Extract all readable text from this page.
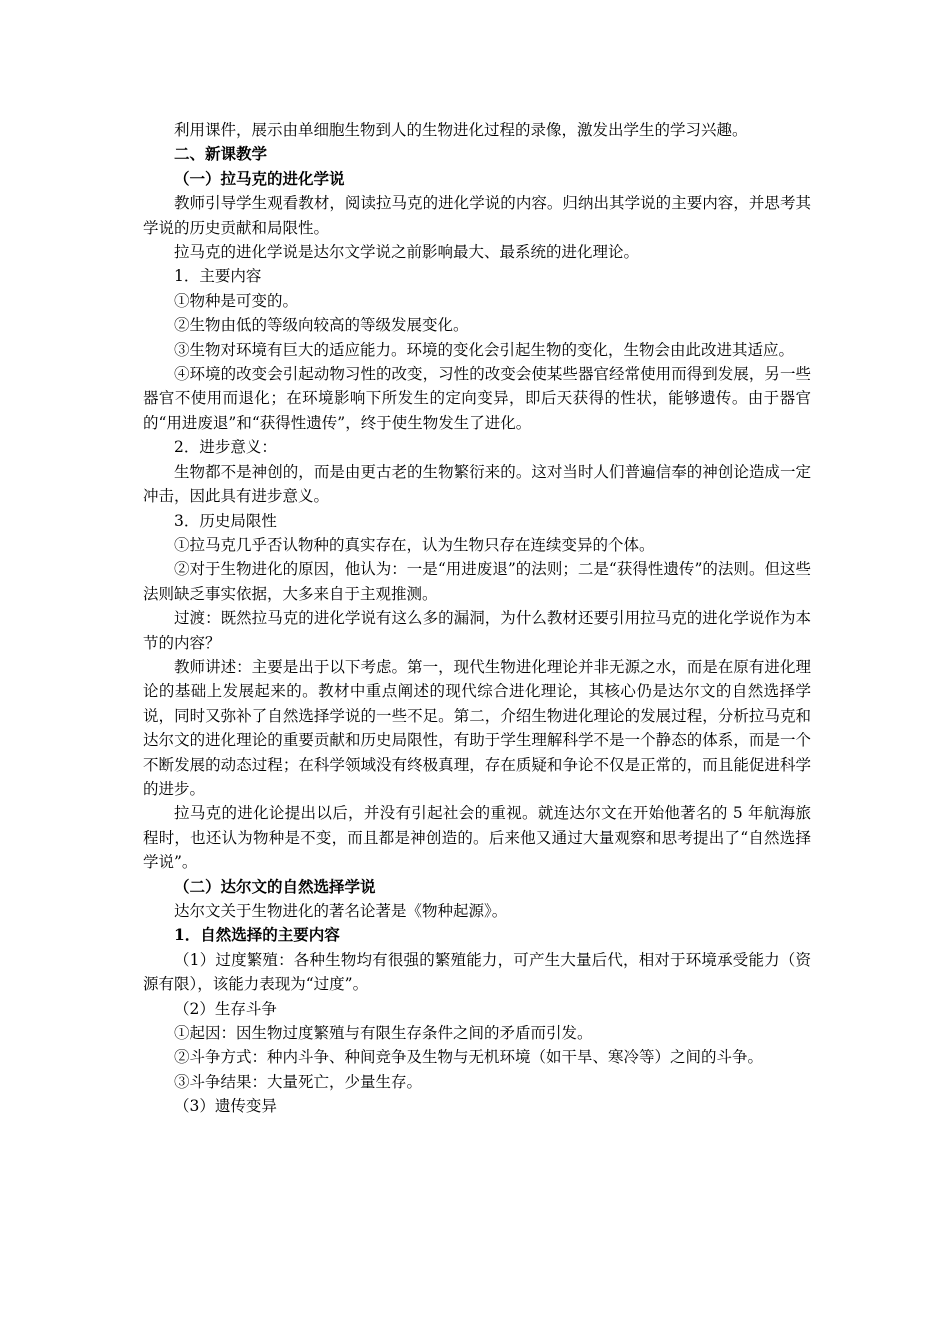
利用课件，展示由单细胞生物到人的生物进化过程的录像，激发出学生的学习兴趣。

二、新课教学

（一）拉马克的进化学说

教师引导学生观看教材，阅读拉马克的进化学说的内容。归纳出其学说的主要内容，并思考其学说的历史贡献和局限性。

拉马克的进化学说是达尔文学说之前影响最大、最系统的进化理论。

1．主要内容

①物种是可变的。

②生物由低的等级向较高的等级发展变化。

③生物对环境有巨大的适应能力。环境的变化会引起生物的变化，生物会由此改进其适应。

④环境的改变会引起动物习性的改变，习性的改变会使某些器官经常使用而得到发展，另一些器官不使用而退化；在环境影响下所发生的定向变异，即后天获得的性状，能够遗传。由于器官的“用进废退”和“获得性遗传”，终于使生物发生了进化。

2．进步意义：

生物都不是神创的，而是由更古老的生物繁衍来的。这对当时人们普遍信奉的神创论造成一定冲击，因此具有进步意义。

3．历史局限性

①拉马克几乎否认物种的真实存在，认为生物只存在连续变异的个体。

②对于生物进化的原因，他认为：一是“用进废退”的法则；二是“获得性遗传”的法则。但这些法则缺乏事实依据，大多来自于主观推测。

过渡：既然拉马克的进化学说有这么多的漏洞，为什么教材还要引用拉马克的进化学说作为本节的内容？

教师讲述：主要是出于以下考虑。第一，现代生物进化理论并非无源之水，而是在原有进化理论的基础上发展起来的。教材中重点阐述的现代综合进化理论，其核心仍是达尔文的自然选择学说，同时又弥补了自然选择学说的一些不足。第二，介绍生物进化理论的发展过程，分析拉马克和达尔文的进化理论的重要贡献和历史局限性，有助于学生理解科学不是一个静态的体系，而是一个不断发展的动态过程；在科学领域没有终极真理，存在质疑和争论不仅是正常的，而且能促进科学的进步。

拉马克的进化论提出以后，并没有引起社会的重视。就连达尔文在开始他著名的 5 年航海旅程时，也还认为物种是不变，而且都是神创造的。后来他又通过大量观察和思考提出了“自然选择学说”。

（二）达尔文的自然选择学说

达尔文关于生物进化的著名论著是《物种起源》。

1．自然选择的主要内容

（1）过度繁殖：各种生物均有很强的繁殖能力，可产生大量后代，相对于环境承受能力（资源有限），该能力表现为“过度”。

（2）生存斗争

①起因：因生物过度繁殖与有限生存条件之间的矛盾而引发。

②斗争方式：种内斗争、种间竞争及生物与无机环境（如干旱、寒冷等）之间的斗争。

③斗争结果：大量死亡，少量生存。

（3）遗传变异
